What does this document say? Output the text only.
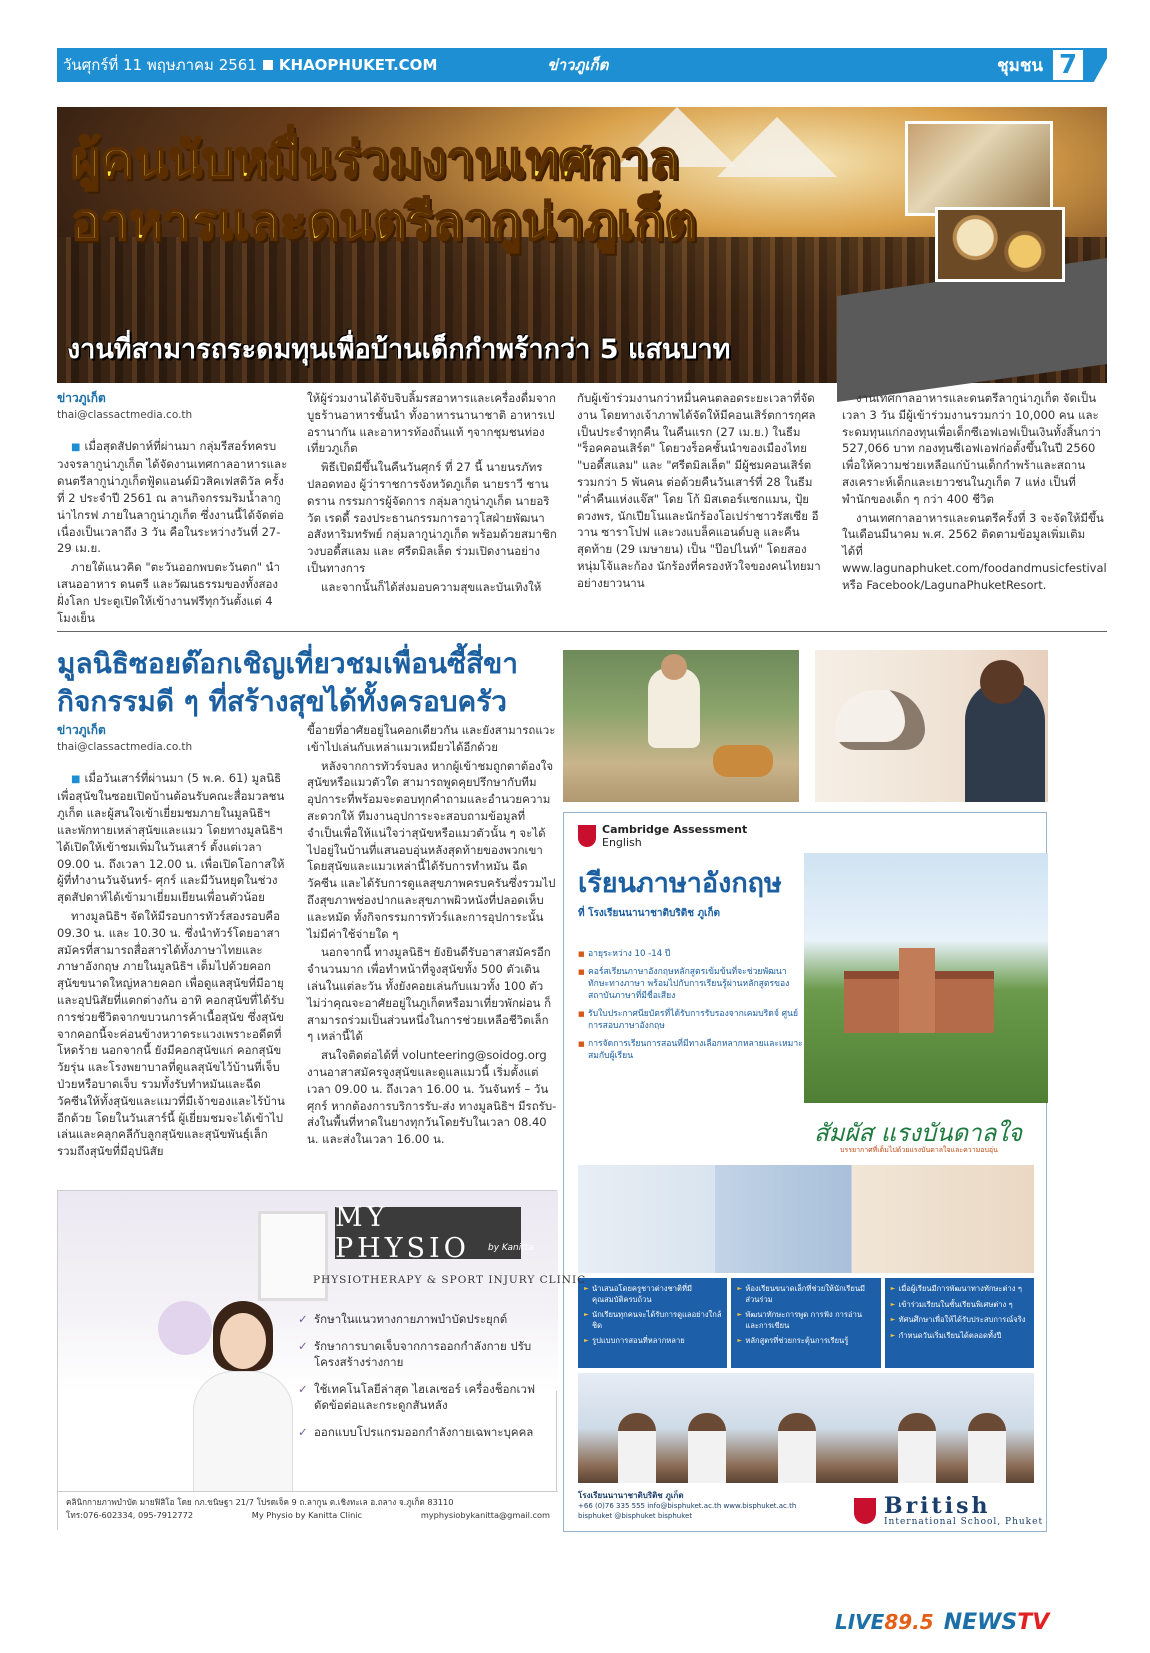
วันศุกร์ที่ 11 พฤษภาคม 2561 KHAOPHUKET.COM	ข่าวภูเก็ต	ชุมชน 7
ผู้คนนับหมื่นร่วมงานเทศกาล
อาหารและดนตรีลากูน่าภูเก็ต
งานที่สามารถระดมทุนเพื่อบ้านเด็กกำพร้ากว่า 5 แสนบาท
ข่าวภูเก็ต
thai@classactmedia.co.th

■ เมื่อสุดสัปดาห์ที่ผ่านมา กลุ่มรีสอร์ทครบวงจรลากูน่าภูเก็ต ได้จัดงานเทศกาลอาหารและดนตรีลากูน่าภูเก็ตฟู้ดแอนด์มิวสิคเฟสติวัล ครั้งที่ 2 ประจำปี 2561 ณ ลานกิจกรรมริมน้ำลากูน่าไกรฟ ภายในลากูน่าภูเก็ต ซึ่งงานนี้ได้จัดต่อเนื่องเป็นเวลาถึง 3 วัน คือในระหว่างวันที่ 27-29 เม.ย.

ภายใต้แนวคิด "ตะวันออกพบตะวันตก" นำเสนออาหาร ดนตรี และวัฒนธรรมของทั้งสองฝั่งโลก ประตูเปิดให้เข้างานฟรีทุกวันตั้งแต่ 4 โมงเย็น

ให้ผู้ร่วมงานได้จับจิบลิ้มรสอาหารและเครื่องดื่มจากบูธร้านอาหารชั้นนำ ทั้งอาหารนานาชาติ อาหารเปอรานากัน และอาหารท้องถิ่นแท้ ๆจากชุมชนท่องเที่ยวภูเก็ต

พิธีเปิดมีขึ้นในคืนวันศุกร์ ที่ 27 นี้ นายนรภัทร ปลอดทอง ผู้ว่าราชการจังหวัดภูเก็ต นายราวี ชานดราน กรรมการผู้จัดการ กลุ่มลากูน่าภูเก็ต นายอริวัต เรดดี้ รองประธานกรรมการอาวุโสฝ่ายพัฒนาอสังหาริมทรัพย์ กลุ่มลากูน่าภูเก็ต พร้อมด้วยสมาชิกวงบอดี้สแลม และ ศรีตมิลเล็ต ร่วมเปิดงานอย่างเป็นทางการ

และจากนั้นก็ได้ส่งมอบความสุขและบันเทิงให้

กับผู้เข้าร่วมงานกว่าหมื่นคนตลอดระยะเวลาที่จัดงาน โดยทางเจ้าภาพได้จัดให้มีคอนเสิร์ตการกุศลเป็นประจำทุกคืน ในคืนแรก (27 เม.ย.) ในธีม "ร็อคคอนเสิร์ต" โดยวงร็อคชั้นนำของเมืองไทย "บอดี้สแลม" และ "ศรีตมิลเล็ต" มีผู้ชมคอนเสิร์ตรวมกว่า 5 พันคน ต่อด้วยคืนวันเสาร์ที่ 28 ในธีม "ค่ำคืนแห่งแจ๊ส" โดย โก้ มิสเตอร์แซกแมน, ปุ้ย ดวงพร, นักเปียโนและนักร้องโอเปร่าชาวรัสเซีย อีวาน ซาราโปฟ และวงแบล็คแอนด์บลู และคืนสุดท้าย (29 เมษายน) เป็น "ป๊อปไนท์" โดยสองหนุ่มโจ้และก้อง นักร้องที่ครองหัวใจของคนไทยมาอย่างยาวนาน

งานเทศกาลอาหารและดนตรีลากูน่าภูเก็ต จัดเป็นเวลา 3 วัน มีผู้เข้าร่วมงานรวมกว่า 10,000 คน และระดมทุนแก่กองทุนเพื่อเด็กซีเอฟเอฟเป็นเงินทั้งสิ้นกว่า 527,066 บาท กองทุนซีเอฟเอฟก่อตั้งขึ้นในปี 2560 เพื่อให้ความช่วยเหลือแก่บ้านเด็กกำพร้าและสถานสงเคราะห์เด็กและเยาวชนในภูเก็ต 7 แห่ง เป็นที่พำนักของเด็ก ๆ กว่า 400 ชีวิต

งานเทศกาลอาหารและดนตรีครั้งที่ 3 จะจัดให้มีขึ้นในเดือนมีนาคม พ.ศ. 2562 ติดตามข้อมูลเพิ่มเติมได้ที่ www.lagunaphuket.com/foodandmusicfestival หรือ Facebook/LagunaPhuketResort.

มูลนิธิซอยด๊อกเชิญเที่ยวชมเพื่อนซี้สี่ขา
กิจกรรมดี ๆ ที่สร้างสุขได้ทั้งครอบครัว
ข่าวภูเก็ต
thai@classactmedia.co.th

■ เมื่อวันเสาร์ที่ผ่านมา (5 พ.ค. 61) มูลนิธิเพื่อสุนัขในซอยเปิดบ้านต้อนรับคณะสื่อมวลชนภูเก็ต และผู้สนใจเข้าเยี่ยมชมภายในมูลนิธิฯ และพักทายเหล่าสุนัขและแมว โดยทางมูลนิธิฯ ได้เปิดให้เข้าชมเพิ่มในวันเสาร์ ตั้งแต่เวลา 09.00 น. ถึงเวลา 12.00 น. เพื่อเปิดโอกาสให้ผู้ที่ทำงานวันจันทร์- ศุกร์ และมีวันหยุดในช่วงสุดสัปดาห์ได้เข้ามาเยี่ยมเยียนเพื่อนตัวน้อย

ทางมูลนิธิฯ จัดให้มีรอบการทัวร์สองรอบคือ 09.30 น. และ 10.30 น. ซึ่งนำทัวร์โดยอาสาสมัครที่สามารถสื่อสารได้ทั้งภาษาไทยและภาษาอังกฤษ ภายในมูลนิธิฯ เต็มไปด้วยคอกสุนัขขนาดใหญ่หลายคอก เพื่อดูแลสุนัขที่มีอายุและอุปนิสัยที่แตกต่างกัน อาทิ คอกสุนัขที่ได้รับการช่วยชีวิตจากขบวนการค้าเนื้อสุนัข ซึ่งสุนัขจากคอกนี้จะค่อนข้างหวาดระแวงเพราะอดีตที่โหดร้าย นอกจากนี้ ยังมีคอกสุนัขแก่ คอกสุนัขวัยรุ่น และโรงพยาบาลที่ดูแลสุนัขไว้บ้านที่เจ็บป่วยหรือบาดเจ็บ รวมทั้งรับทำหมันและฉีดวัคซีนให้ทั้งสุนัขและแมวที่มีเจ้าของและไร้บ้านอีกด้วย โดยในวันเสาร์นี้ ผู้เยี่ยมชมจะได้เข้าไปเล่นและคลุกคลีกับลูกสุนัขและสุนัขพันธุ์เล็ก รวมถึงสุนัขที่มีอุปนิสัย

ขี้อายที่อาศัยอยู่ในคอกเดียวกัน และยังสามารถแวะเข้าไปเล่นกับเหล่าแมวเหมียวได้อีกด้วย

หลังจากการทัวร์จบลง หากผู้เข้าชมถูกตาต้องใจสุนัขหรือแมวตัวใด สามารถพูดคุยปรึกษากับทีมอุปการะที่พร้อมจะตอบทุกคำถามและอำนวยความสะดวกให้ ทีมงานอุปการะจะสอบถามข้อมูลที่จำเป็นเพื่อให้แน่ใจว่าสุนัขหรือแมวตัวนั้น ๆ จะได้ไปอยู่ในบ้านที่แสนอบอุ่นหลังสุดท้ายของพวกเขา โดยสุนัขและแมวเหล่านี้ได้รับการทำหมัน ฉีดวัคซีน และได้รับการดูแลสุขภาพครบครันซึ่งรวมไปถึงสุขภาพช่องปากและสุขภาพผิวหนังที่ปลอดเห็บและหมัด ทั้งกิจกรรมการทัวร์และการอุปการะนั้นไม่มีค่าใช้จ่ายใด ๆ

นอกจากนี้ ทางมูลนิธิฯ ยังยินดีรับอาสาสมัครอีกจำนวนมาก เพื่อทำหน้าที่จูงสุนัขทั้ง 500 ตัวเดินเล่นในแต่ละวัน ทั้งยังคอยเล่นกับแมวทั้ง 100 ตัว ไม่ว่าคุณจะอาศัยอยู่ในภูเก็ตหรือมาเที่ยวพักผ่อน ก็สามารถร่วมเป็นส่วนหนึ่งในการช่วยเหลือชีวิตเล็ก ๆ เหล่านี้ได้

สนใจติดต่อได้ที่ volunteering@soidog.org งานอาสาสมัครจูงสุนัขและดูแลแมวนี้ เริ่มตั้งแต่เวลา 09.00 น. ถึงเวลา 16.00 น. วันจันทร์ – วันศุกร์ หากต้องการบริการรับ-ส่ง ทางมูลนิธิฯ มีรถรับ-ส่งในพื้นที่หาดในยางทุกวันโดยรับในเวลา 08.40 น. และส่งในเวลา 16.00 น.

Cambridge Assessment
English
เรียนภาษาอังกฤษ
ที่ โรงเรียนนานาชาติบริติช ภูเก็ต
■ อายุระหว่าง 10 -14 ปี
■ คอร์สเรียนภาษาอังกฤษหลักสูตรเข้มข้นที่จะช่วยพัฒนาทักษะทางภาษา พร้อมไปกับการเรียนรู้ผ่านหลักสูตรของสถาบันภาษาที่มีชื่อเสียง
■ รับใบประกาศนียบัตรที่ได้รับการรับรองจากเคมบริดจ์ ศูนย์การสอบภาษาอังกฤษ
■ การจัดการเรียนการสอนที่มีทางเลือกหลากหลายและเหมาะสมกับผู้เรียน
สัมผัส แรงบันดาลใจ
บรรยากาศที่เต็มไปด้วยแรงบันดาลใจและความอบอุ่น
► นำเสนอโดยครูชาวต่างชาติที่มีคุณสมบัติครบถ้วน
► นักเรียนทุกคนจะได้รับการดูแลอย่างใกล้ชิด
► รูปแบบการสอนที่หลากหลาย
► ห้องเรียนขนาดเล็กที่ช่วยให้นักเรียนมีส่วนร่วม
► พัฒนาทักษะการพูด การฟัง การอ่าน และการเขียน
► หลักสูตรที่ช่วยกระตุ้นการเรียนรู้
► เมื่อผู้เรียนมีการพัฒนาทางทักษะต่าง ๆ
► เข้าร่วมเรียนในชั้นเรียนพิเศษต่าง ๆ
► ทัศนศึกษาเพื่อให้ได้รับประสบการณ์จริง
► กำหนดวันเริ่มเรียนได้ตลอดทั้งปี
โรงเรียนนานาชาติบริติช ภูเก็ต
+66 (0)76 335 555 info@bisphuket.ac.th www.bisphuket.ac.th
bisphuket @bisphuket bisphuket	British
International School, Phuket
MY PHYSIO	by Kanitta
PHYSIOTHERAPY & SPORT INJURY CLINIC
✓ รักษาในแนวทางกายภาพบำบัดประยุกต์
✓ รักษาการบาดเจ็บจากการออกกำลังกาย ปรับโครงสร้างร่างกาย
✓ ใช้เทคโนโลยีล่าสุด ไฮเลเซอร์ เครื่องช็อกเวฟ ดัดข้อต่อและกระดูกสันหลัง
✓ ออกแบบโปรแกรมออกกำลังกายเฉพาะบุคคล
คลินิกกายภาพบำบัด มายฟิสิโอ โดย กภ.ขนิษฐา 21/7 โปรดเจ็ค 9 ถ.ลากูน ต.เชิงทะเล อ.ถลาง จ.ภูเก็ต 83110
โทร:076-602334, 095-7912772	My Physio by Kanitta Clinic	myphysiobykanitta@gmail.com
LIVE89.5 NEWSTV
